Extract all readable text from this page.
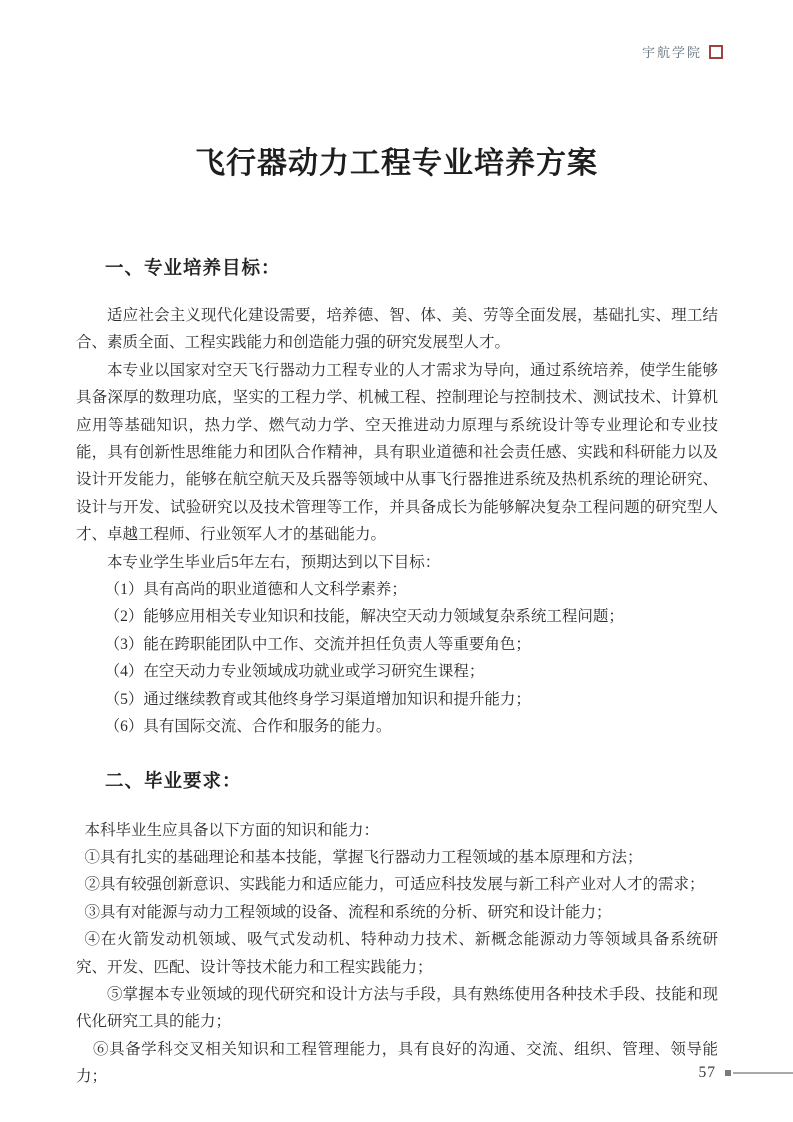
宇航学院
飞行器动力工程专业培养方案
一、专业培养目标：

适应社会主义现代化建设需要，培养德、智、体、美、劳等全面发展，基础扎实、理工结合、素质全面、工程实践能力和创造能力强的研究发展型人才。

本专业以国家对空天飞行器动力工程专业的人才需求为导向，通过系统培养，使学生能够具备深厚的数理功底，坚实的工程力学、机械工程、控制理论与控制技术、测试技术、计算机应用等基础知识，热力学、燃气动力学、空天推进动力原理与系统设计等专业理论和专业技能，具有创新性思维能力和团队合作精神，具有职业道德和社会责任感、实践和科研能力以及设计开发能力，能够在航空航天及兵器等领域中从事飞行器推进系统及热机系统的理论研究、设计与开发、试验研究以及技术管理等工作，并具备成长为能够解决复杂工程问题的研究型人才、卓越工程师、行业领军人才的基础能力。

本专业学生毕业后5年左右，预期达到以下目标：

（1）具有高尚的职业道德和人文科学素养；

（2）能够应用相关专业知识和技能，解决空天动力领域复杂系统工程问题；

（3）能在跨职能团队中工作、交流并担任负责人等重要角色；

（4）在空天动力专业领域成功就业或学习研究生课程；

（5）通过继续教育或其他终身学习渠道增加知识和提升能力；

（6）具有国际交流、合作和服务的能力。

二、毕业要求：

本科毕业生应具备以下方面的知识和能力：

①具有扎实的基础理论和基本技能，掌握飞行器动力工程领域的基本原理和方法；

②具有较强创新意识、实践能力和适应能力，可适应科技发展与新工科产业对人才的需求；

③具有对能源与动力工程领域的设备、流程和系统的分析、研究和设计能力；

④在火箭发动机领域、吸气式发动机、特种动力技术、新概念能源动力等领域具备系统研究、开发、匹配、设计等技术能力和工程实践能力；

⑤掌握本专业领域的现代研究和设计方法与手段，具有熟练使用各种技术手段、技能和现代化研究工具的能力；

⑥具备学科交叉相关知识和工程管理能力，具有良好的沟通、交流、组织、管理、领导能力；	57
